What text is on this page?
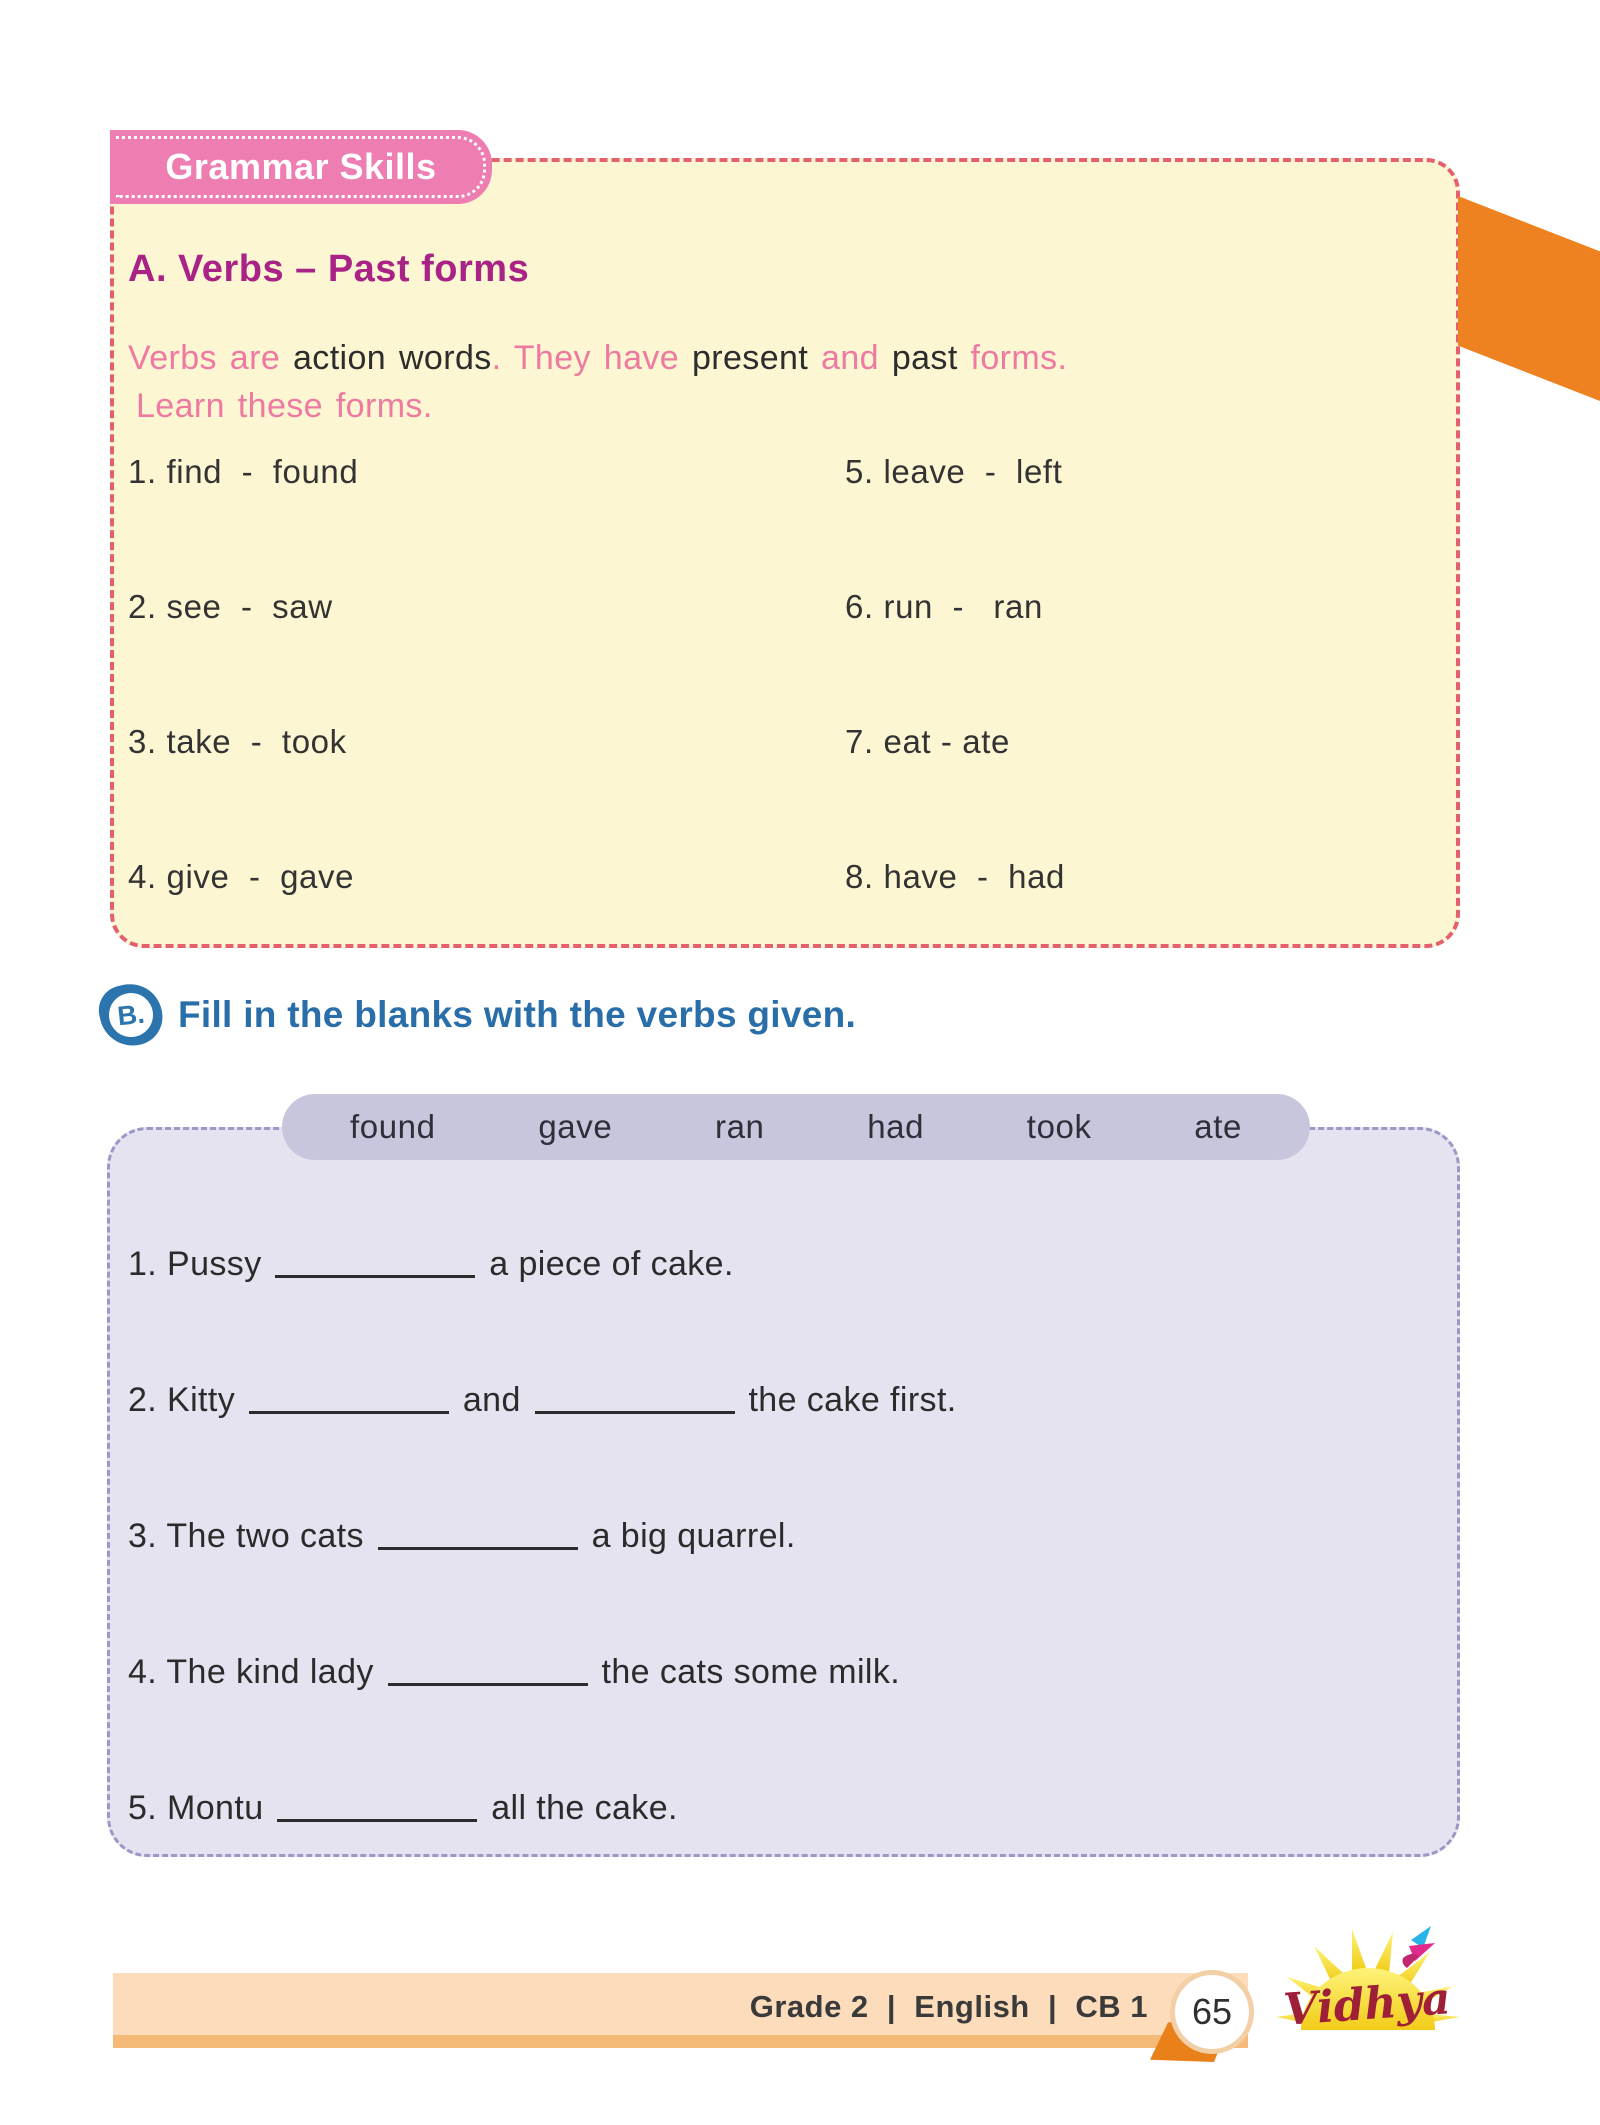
Grammar Skills
A. Verbs – Past forms

Verbs are action words. They have present and past forms.
Learn these forms.

1. find  -  found
2. see  -  saw
3. take  -  took
4. give  -  gave
5. leave  -  left
6. run  -   ran
7. eat - ate
8. have  -  had
B. Fill in the blanks with the verbs given.
found	gave	ran	had	took	ate
1. Pussy	a piece of cake.
2. Kitty	and	the cake first.
3. The two cats	a big quarrel.
4. The kind lady	the cats some milk.
5. Montu	all the cake.
Grade 2  |  English  |  CB 1	65 Vidhya
